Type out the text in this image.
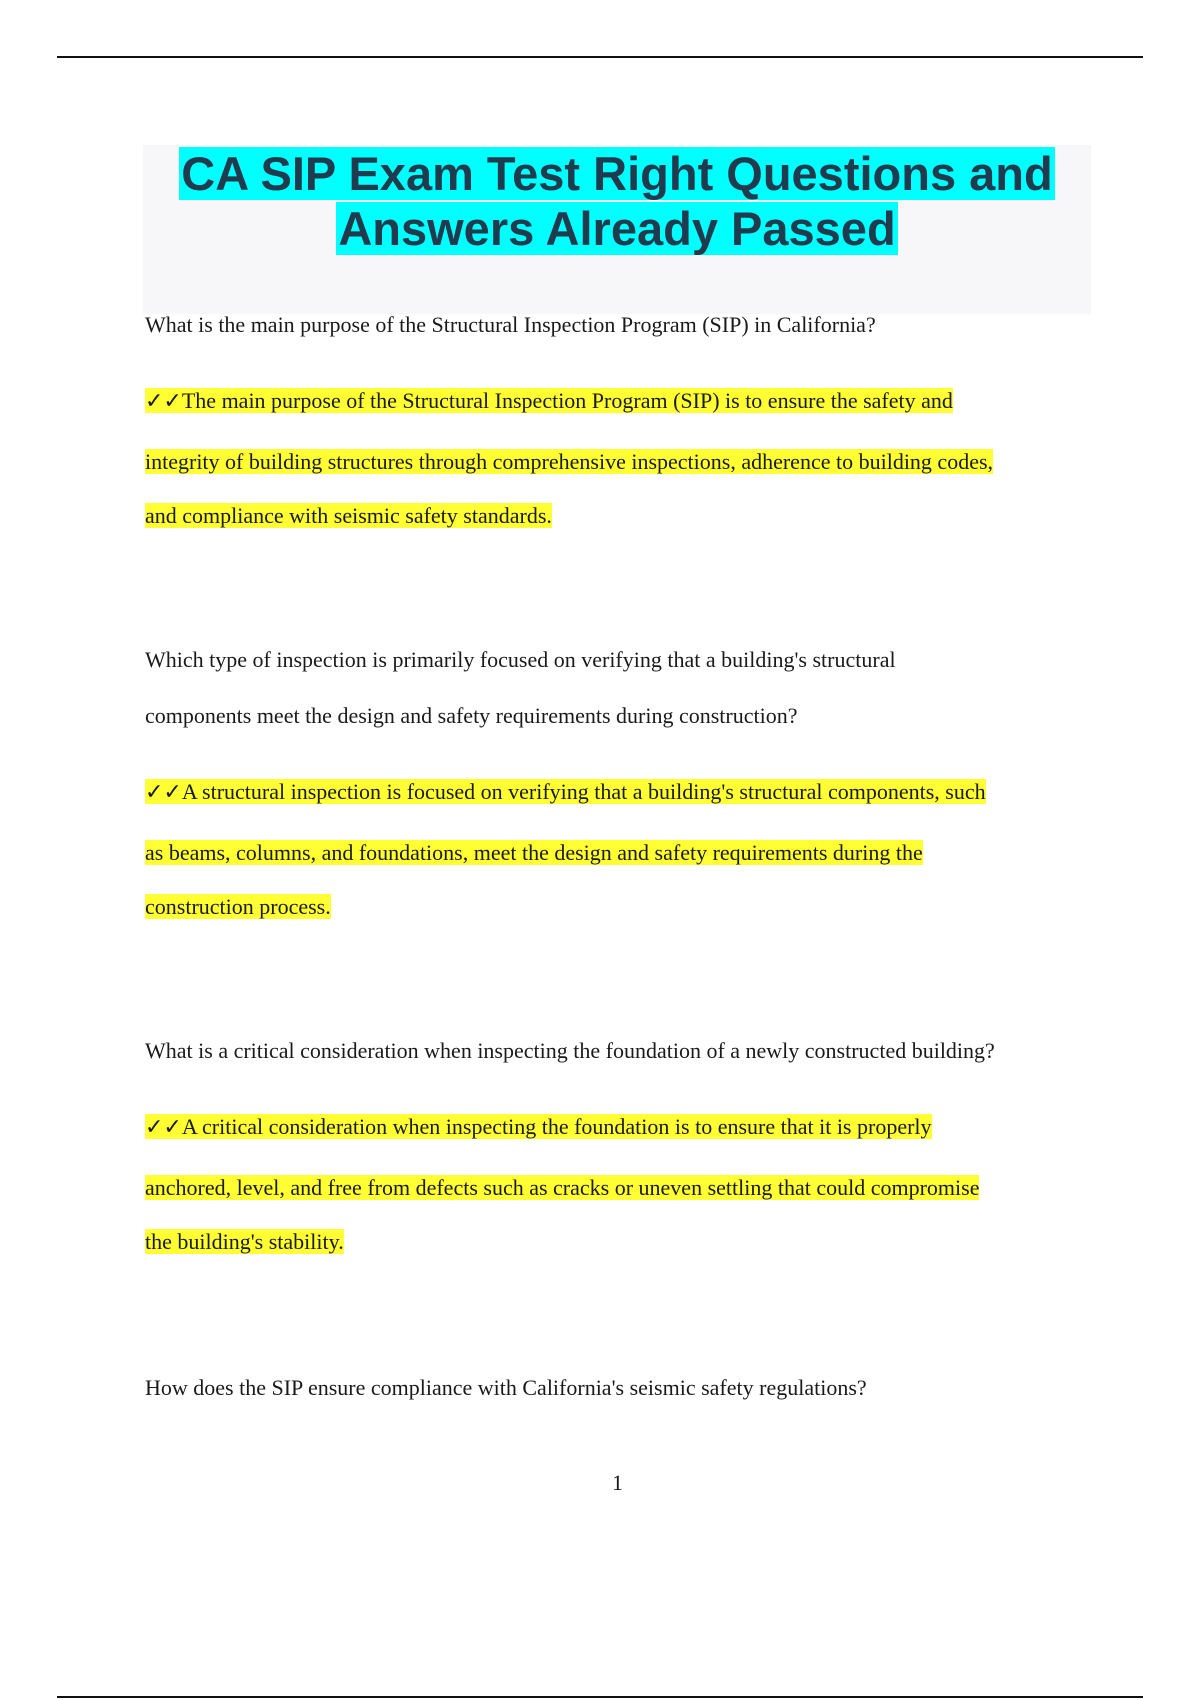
CA SIP Exam Test Right Questions and
Answers Already Passed
What is the main purpose of the Structural Inspection Program (SIP) in California?
✓✓The main purpose of the Structural Inspection Program (SIP) is to ensure the safety and
integrity of building structures through comprehensive inspections, adherence to building codes,
and compliance with seismic safety standards.
Which type of inspection is primarily focused on verifying that a building's structural
components meet the design and safety requirements during construction?
✓✓A structural inspection is focused on verifying that a building's structural components, such
as beams, columns, and foundations, meet the design and safety requirements during the
construction process.
What is a critical consideration when inspecting the foundation of a newly constructed building?
✓✓A critical consideration when inspecting the foundation is to ensure that it is properly
anchored, level, and free from defects such as cracks or uneven settling that could compromise
the building's stability.
How does the SIP ensure compliance with California's seismic safety regulations?
1
